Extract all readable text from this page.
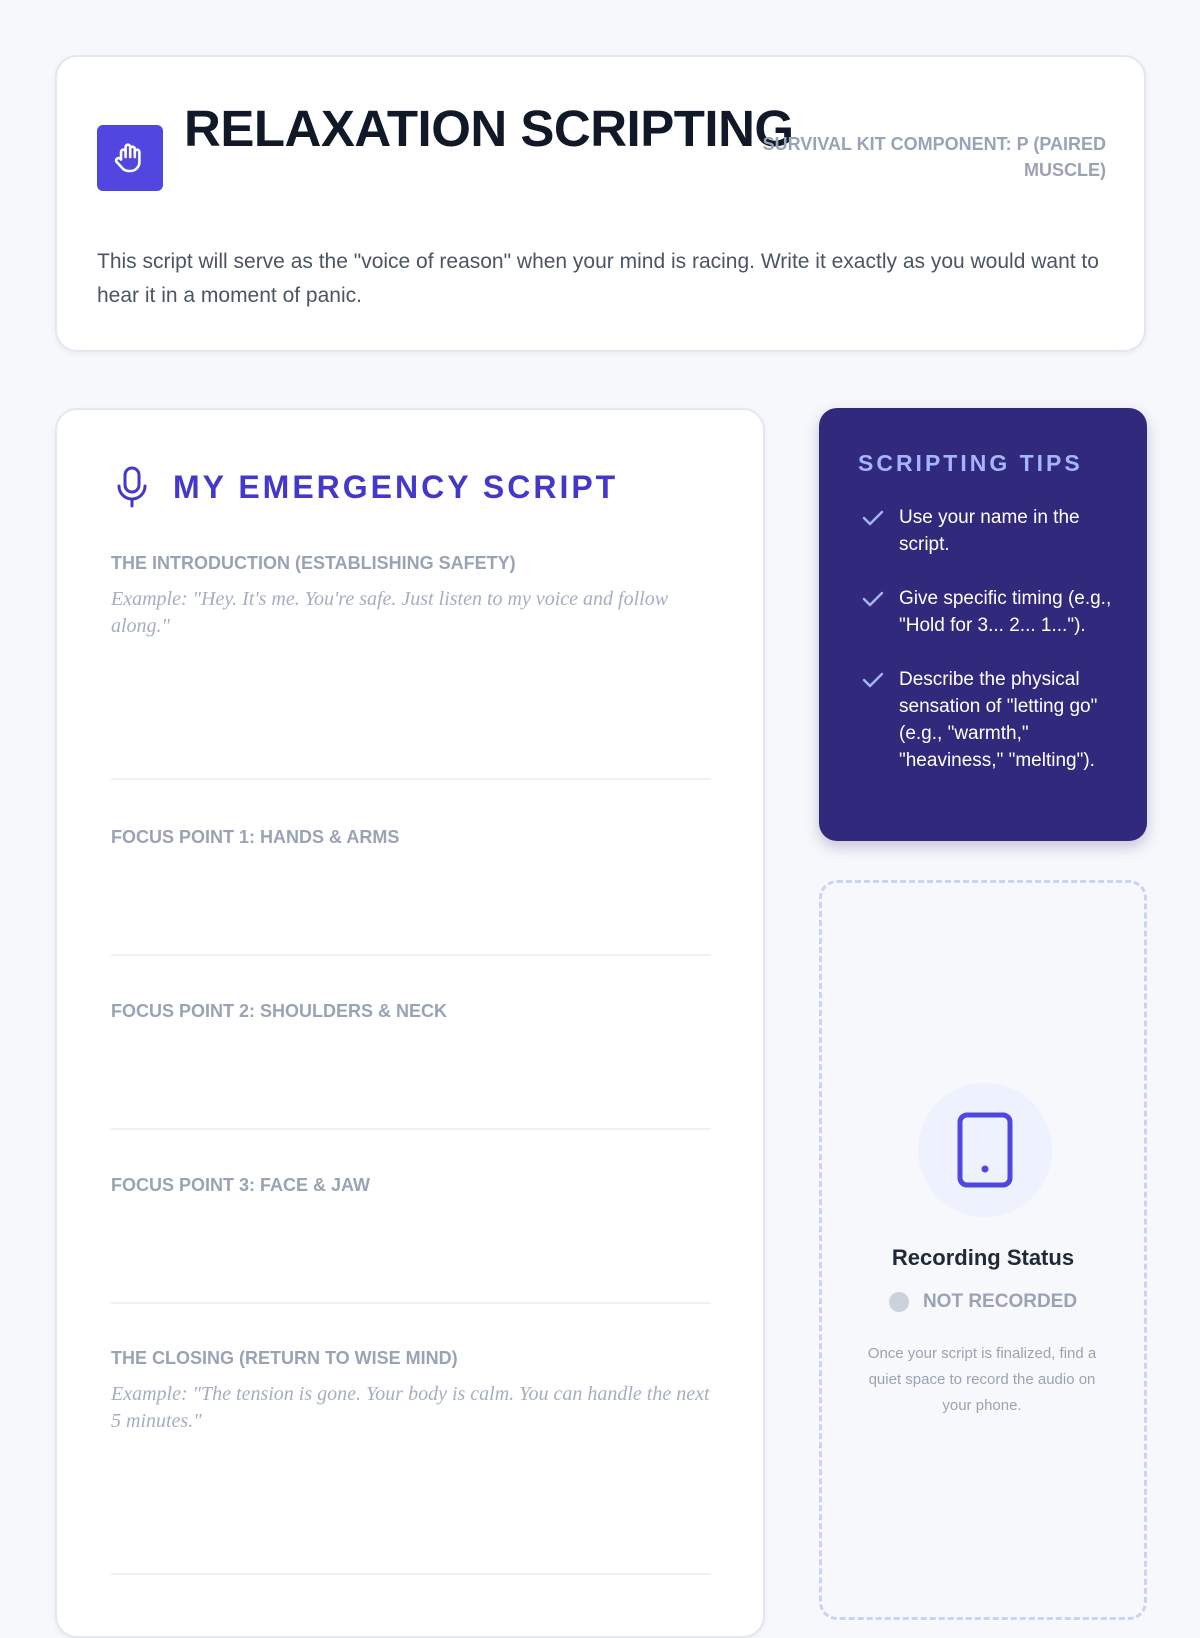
RELAXATION SCRIPTING
SURVIVAL KIT COMPONENT: P (PAIRED MUSCLE)

This script will serve as the "voice of reason" when your mind is racing. Write it exactly as you would want to hear it in a moment of panic.

MY EMERGENCY SCRIPT
THE INTRODUCTION (ESTABLISHING SAFETY)
Example: "Hey. It's me. You're safe. Just listen to my voice and follow along."
FOCUS POINT 1: HANDS & ARMS
FOCUS POINT 2: SHOULDERS & NECK
FOCUS POINT 3: FACE & JAW
THE CLOSING (RETURN TO WISE MIND)
Example: "The tension is gone. Your body is calm. You can handle the next 5 minutes."
SCRIPTING TIPS
Use your name in the script.
Give specific timing (e.g., "Hold for 3... 2... 1...").
Describe the physical sensation of "letting go" (e.g., "warmth," "heaviness," "melting").
Recording Status
NOT RECORDED
Once your script is finalized, find a quiet space to record the audio on your phone.
